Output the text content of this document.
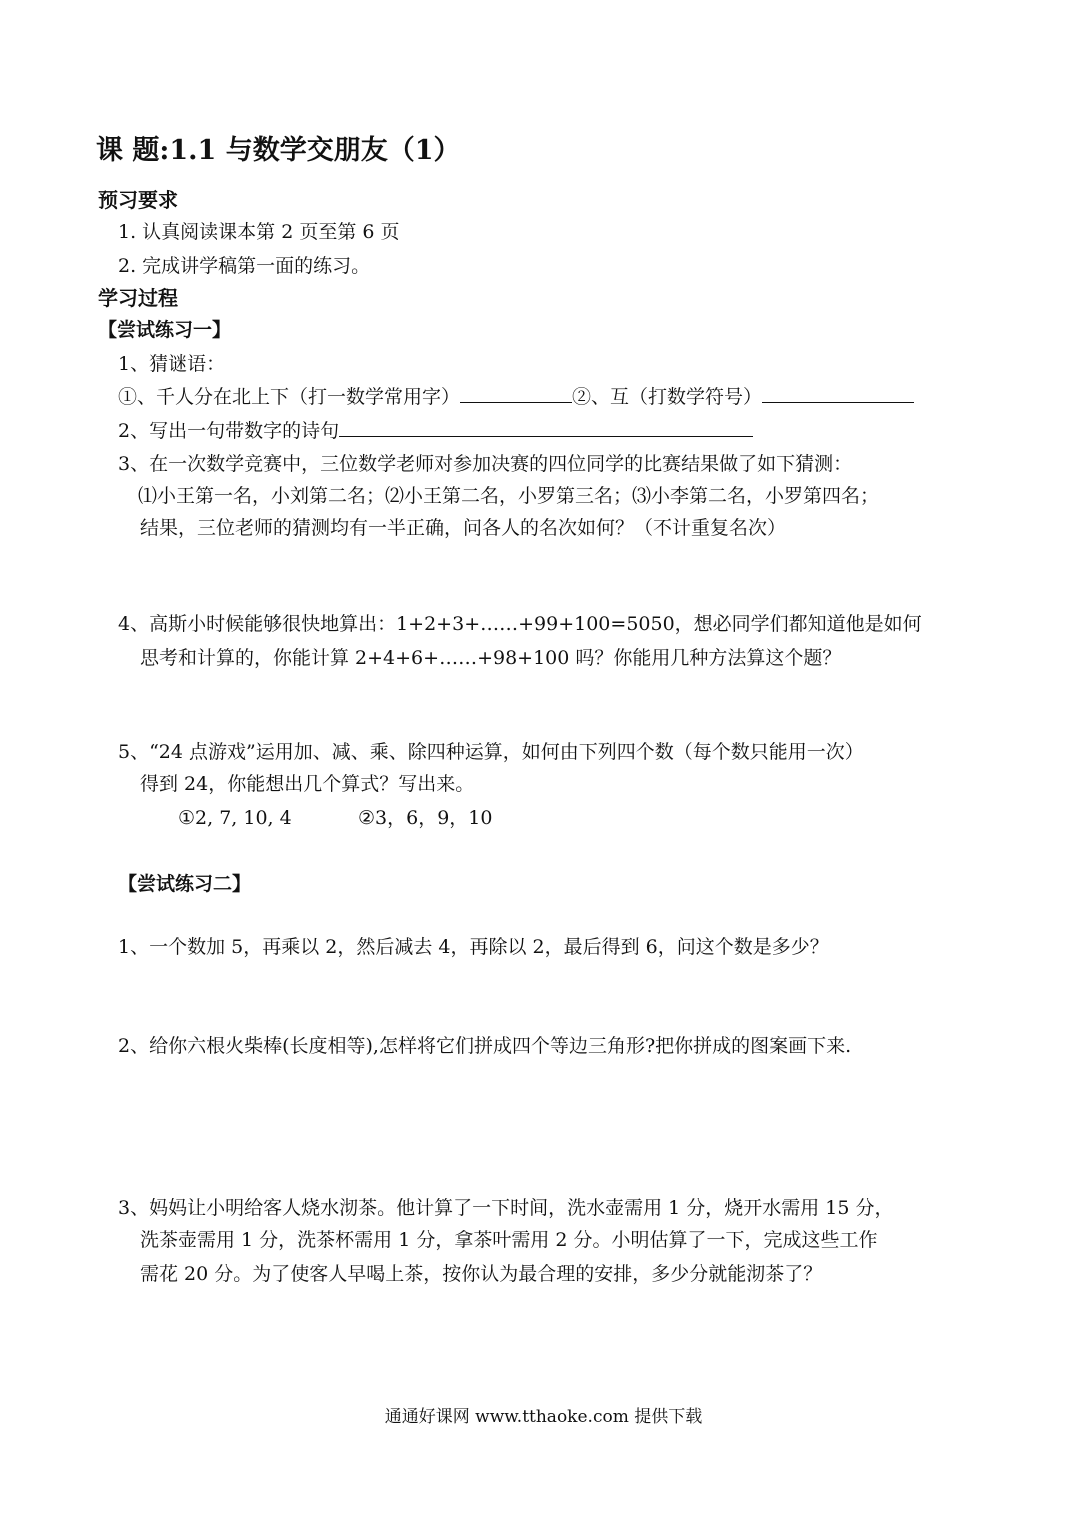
课 题:1.1 与数学交朋友（1）
预习要求
1. 认真阅读课本第 2 页至第 6 页
2. 完成讲学稿第一面的练习。
学习过程
【尝试练习一】
1、猜谜语：
①、千人分在北上下（打一数学常用字）	②、互（打数学符号）
2、写出一句带数字的诗句
3、在一次数学竞赛中，三位数学老师对参加决赛的四位同学的比赛结果做了如下猜测：
⑴小王第一名，小刘第二名；⑵小王第二名，小罗第三名；⑶小李第二名，小罗第四名；
结果，三位老师的猜测均有一半正确，问各人的名次如何？（不计重复名次）
4、高斯小时候能够很快地算出：1+2+3+……+99+100=5050，想必同学们都知道他是如何
思考和计算的，你能计算 2+4+6+……+98+100 吗？你能用几种方法算这个题？
5、“24 点游戏”运用加、减、乘、除四种运算，如何由下列四个数（每个数只能用一次）
得到 24，你能想出几个算式？写出来。
①2, 7, 10, 4	②3，6，9，10
【尝试练习二】
1、一个数加 5，再乘以 2，然后减去 4，再除以 2，最后得到 6，问这个数是多少？
2、给你六根火柴棒(长度相等),怎样将它们拼成四个等边三角形?把你拼成的图案画下来.
3、妈妈让小明给客人烧水沏茶。他计算了一下时间，洗水壶需用 1 分，烧开水需用 15 分，
洗茶壶需用 1 分，洗茶杯需用 1 分，拿茶叶需用 2 分。小明估算了一下，完成这些工作
需花 20 分。为了使客人早喝上茶，按你认为最合理的安排，多少分就能沏茶了？
通通好课网 www.tthaoke.com 提供下载
